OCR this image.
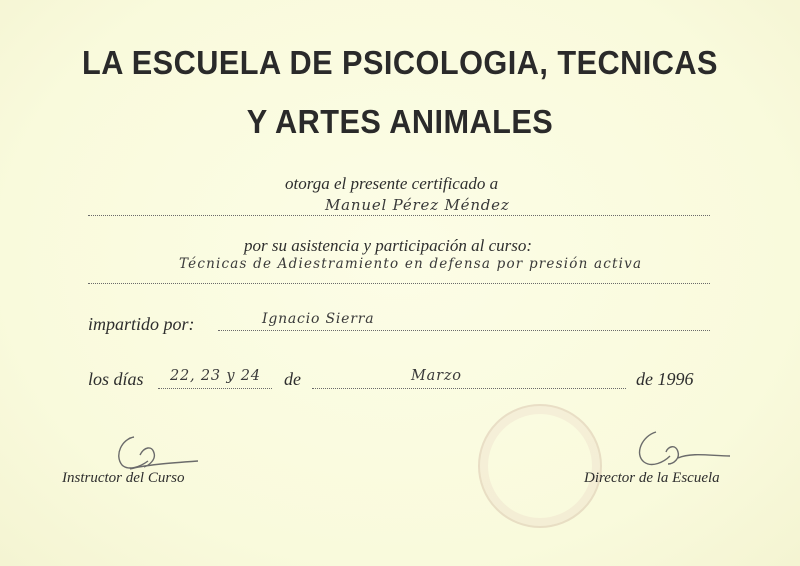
LA ESCUELA DE PSICOLOGIA, TECNICAS
Y ARTES ANIMALES
otorga el presente certificado a
Manuel Pérez Méndez
por su asistencia y participación al curso:
Técnicas de Adiestramiento en defensa por presión activa
impartido por:	Ignacio Sierra
los días 22, 23 y 24 de	Marzo	de 1996
Instructor del Curso	Director de la Escuela
